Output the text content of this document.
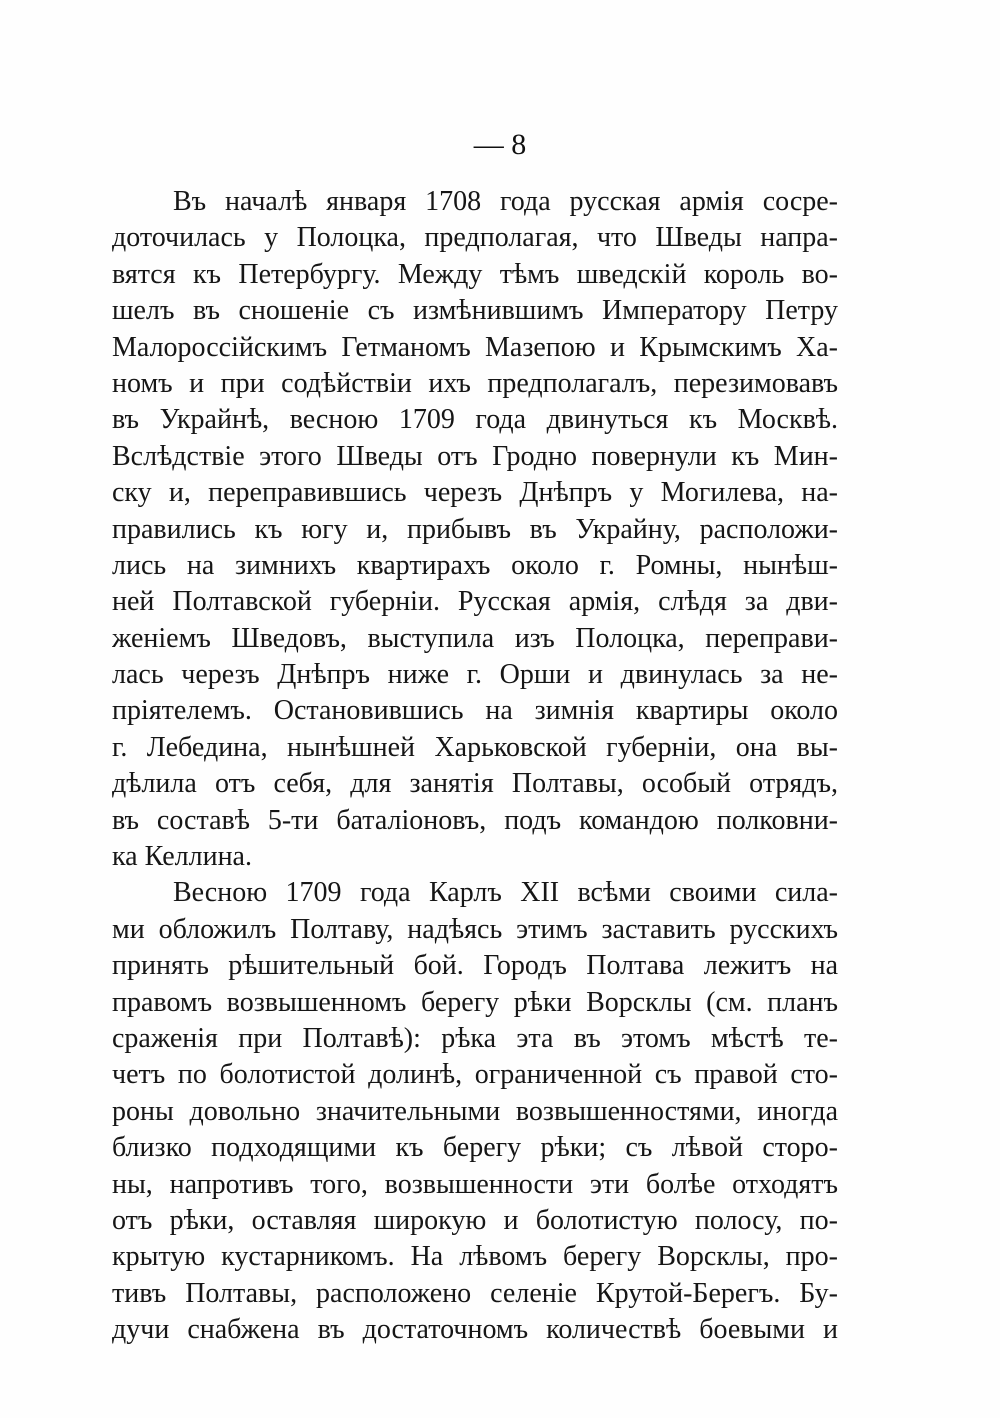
— 8
Въ началѣ января 1708 года русская армія сосре-
доточилась у Полоцка, предполагая, что Шведы напра-
вятся къ Петербургу. Между тѣмъ шведскій король во-
шелъ въ сношеніе съ измѣнившимъ Императору Петру
Малороссійскимъ Гетманомъ Мазепою и Крымскимъ Ха-
номъ и при содѣйствіи ихъ предполагалъ, перезимовавъ
въ Украйнѣ, весною 1709 года двинуться къ Москвѣ.
Вслѣдствіе этого Шведы отъ Гродно повернули къ Мин-
ску и, переправившись черезъ Днѣпръ у Могилева, на-
правились къ югу и, прибывъ въ Украйну, расположи-
лись на зимнихъ квартирахъ около г. Ромны, нынѣш-
ней Полтавской губерніи. Русская армія, слѣдя за дви-
женіемъ Шведовъ, выступила изъ Полоцка, переправи-
лась черезъ Днѣпръ ниже г. Орши и двинулась за не-
пріятелемъ. Остановившись на зимнія квартиры около
г. Лебедина, нынѣшней Харьковской губерніи, она вы-
дѣлила отъ себя, для занятія Полтавы, особый отрядъ,
въ составѣ 5-ти баталіоновъ, подъ командою полковни-
ка Келлина.
Весною 1709 года Карлъ XII всѣми своими сила-
ми обложилъ Полтаву, надѣясь этимъ заставить русскихъ
принять рѣшительный бой. Городъ Полтава лежитъ на
правомъ возвышенномъ берегу рѣки Ворсклы (см. планъ
сраженія при Полтавѣ): рѣка эта въ этомъ мѣстѣ те-
четъ по болотистой долинѣ, ограниченной съ правой сто-
роны довольно значительными возвышенностями, иногда
близко подходящими къ берегу рѣки; съ лѣвой сторо-
ны, напротивъ того, возвышенности эти болѣе отходятъ
отъ рѣки, оставляя широкую и болотистую полосу, по-
крытую кустарникомъ. На лѣвомъ берегу Ворсклы, про-
тивъ Полтавы, расположено селеніе Крутой-Берегъ. Бу-
дучи снабжена въ достаточномъ количествѣ боевыми и
